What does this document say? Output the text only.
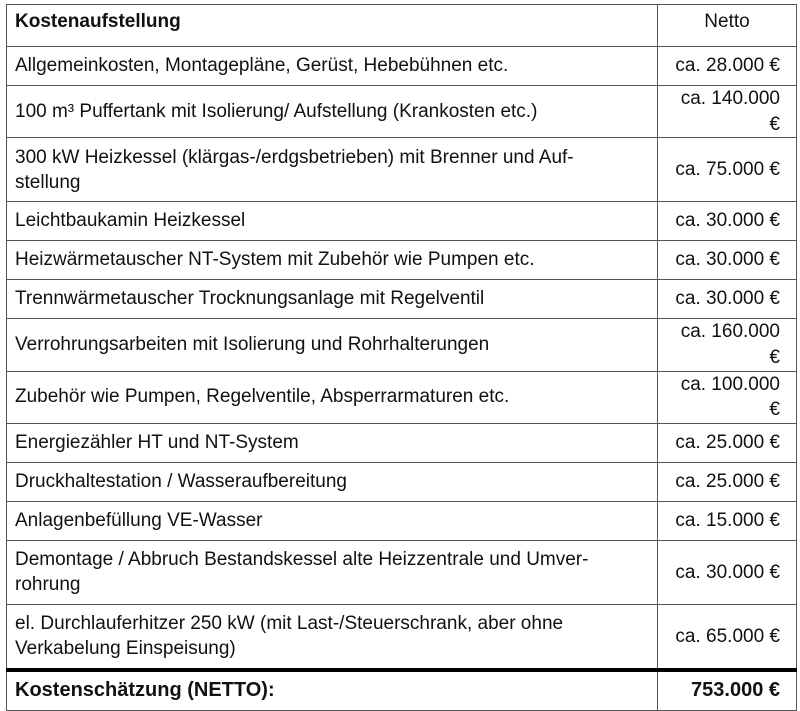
Kostenaufstellung	Netto
Allgemeinkosten, Montagepläne, Gerüst, Hebebühnen etc.	ca. 28.000 €
100 m³ Puffertank mit Isolierung/ Aufstellung (Krankosten etc.)	ca. 140.000 €
300 kW Heizkessel (klärgas-/erdgsbetrieben) mit Brenner und Auf-
stellung	ca. 75.000 €
Leichtbaukamin Heizkessel	ca. 30.000 €
Heizwärmetauscher NT-System mit Zubehör wie Pumpen etc.	ca. 30.000 €
Trennwärmetauscher Trocknungsanlage mit Regelventil	ca. 30.000 €
Verrohrungsarbeiten mit Isolierung und Rohrhalterungen	ca. 160.000 €
Zubehör wie Pumpen, Regelventile, Absperrarmaturen etc.	ca. 100.000 €
Energiezähler HT und NT-System	ca. 25.000 €
Druckhaltestation / Wasseraufbereitung	ca. 25.000 €
Anlagenbefüllung VE-Wasser	ca. 15.000 €
Demontage / Abbruch Bestandskessel alte Heizzentrale und Umver-
rohrung	ca. 30.000 €
el. Durchlauferhitzer 250 kW (mit Last-/Steuerschrank, aber ohne
Verkabelung Einspeisung)	ca. 65.000 €
Kostenschätzung (NETTO):	753.000 €
